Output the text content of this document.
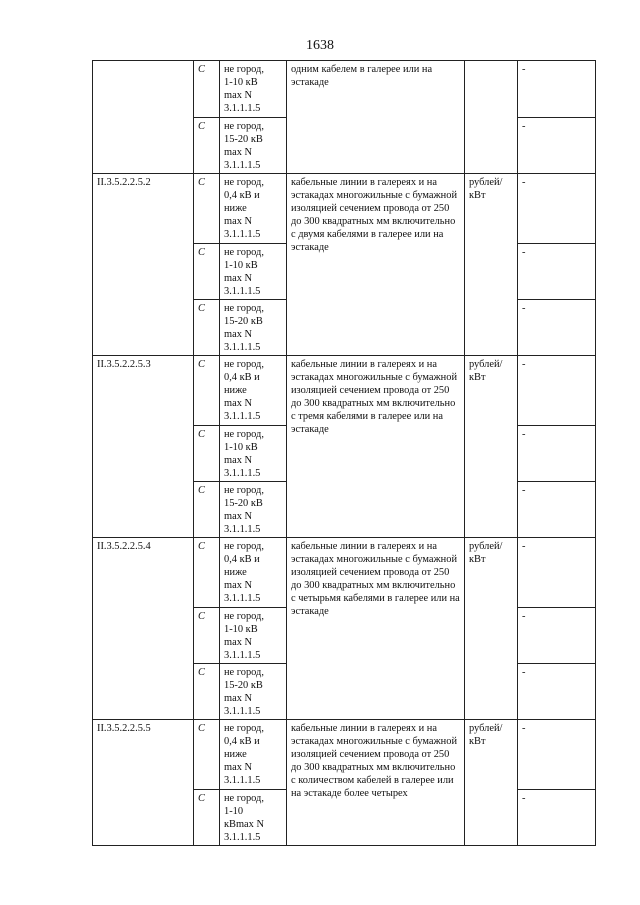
1638
	С	не город,
1-10 кВ
max N
3.1.1.1.5	одним кабелем в галерее или на эстакаде		-
	С	не город,
15-20 кВ
max N
3.1.1.1.5			-
II.3.5.2.2.5.2	С	не город,
0,4 кВ и
ниже
max N
3.1.1.1.5	кабельные линии в галереях и на эстакадах многожильные с бумажной изоляцией сечением провода от 250 до 300 квадратных мм включительно с двумя кабелями в галерее или на эстакаде	рублей/ кВт	-
	С	не город,
1-10 кВ
max N
3.1.1.1.5			-
	С	не город,
15-20 кВ
max N
3.1.1.1.5			-
II.3.5.2.2.5.3	С	не город,
0,4 кВ и
ниже
max N
3.1.1.1.5	кабельные линии в галереях и на эстакадах многожильные с бумажной изоляцией сечением провода от 250 до 300 квадратных мм включительно с тремя кабелями в галерее или на эстакаде	рублей/ кВт	-
	С	не город,
1-10 кВ
max N
3.1.1.1.5			-
	С	не город,
15-20 кВ
max N
3.1.1.1.5			-
II.3.5.2.2.5.4	С	не город,
0,4 кВ и
ниже
max N
3.1.1.1.5	кабельные линии в галереях и на эстакадах многожильные с бумажной изоляцией сечением провода от 250 до 300 квадратных мм включительно с четырьмя кабелями в галерее или на эстакаде	рублей/ кВт	-
	С	не город,
1-10 кВ
max N
3.1.1.1.5			-
	С	не город,
15-20 кВ
max N
3.1.1.1.5			-
II.3.5.2.2.5.5	С	не город,
0,4 кВ и
ниже
max N
3.1.1.1.5	кабельные линии в галереях и на эстакадах многожильные с бумажной изоляцией сечением провода от 250 до 300 квадратных мм включительно с количеством кабелей в галерее или на эстакаде более четырех	рублей/ кВт	-
	С	не город,
1-10
кВmax N
3.1.1.1.5			-
